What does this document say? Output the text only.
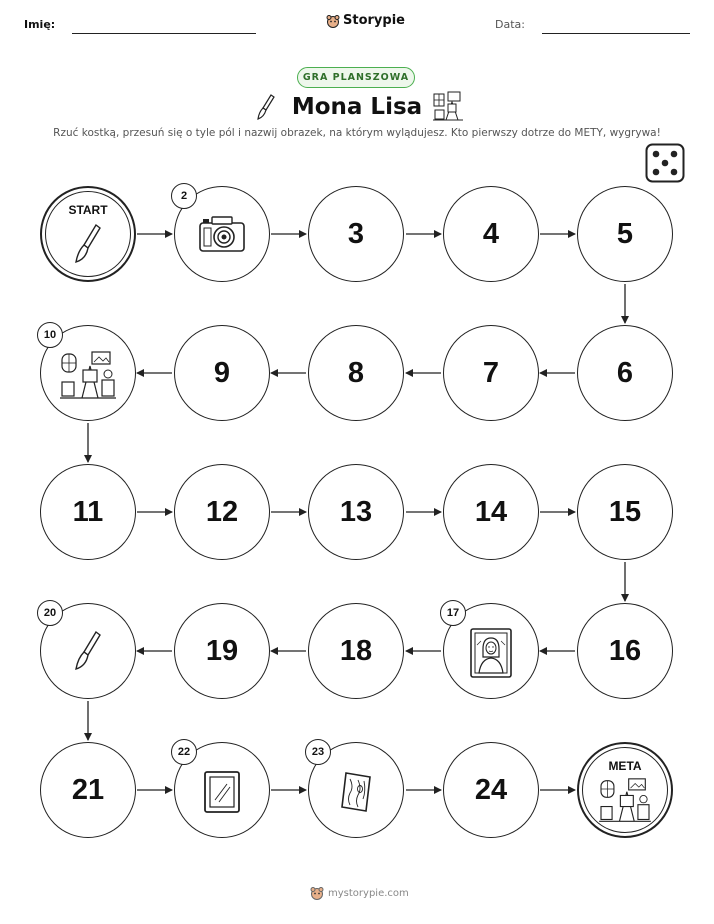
Imię:	Storypie	Data:
GRA PLANSZOWA
Mona Lisa
Rzuć kostką, przesuń się o tyle pól i nazwij obrazek, na którym wylądujesz. Kto pierwszy dotrze do METY, wygrywa!
START
2
3	4	5
10
9	8	7	6
11	12	13	14	15
20
19	18
17
16
21
22	23
24
META
mystorypie.com
